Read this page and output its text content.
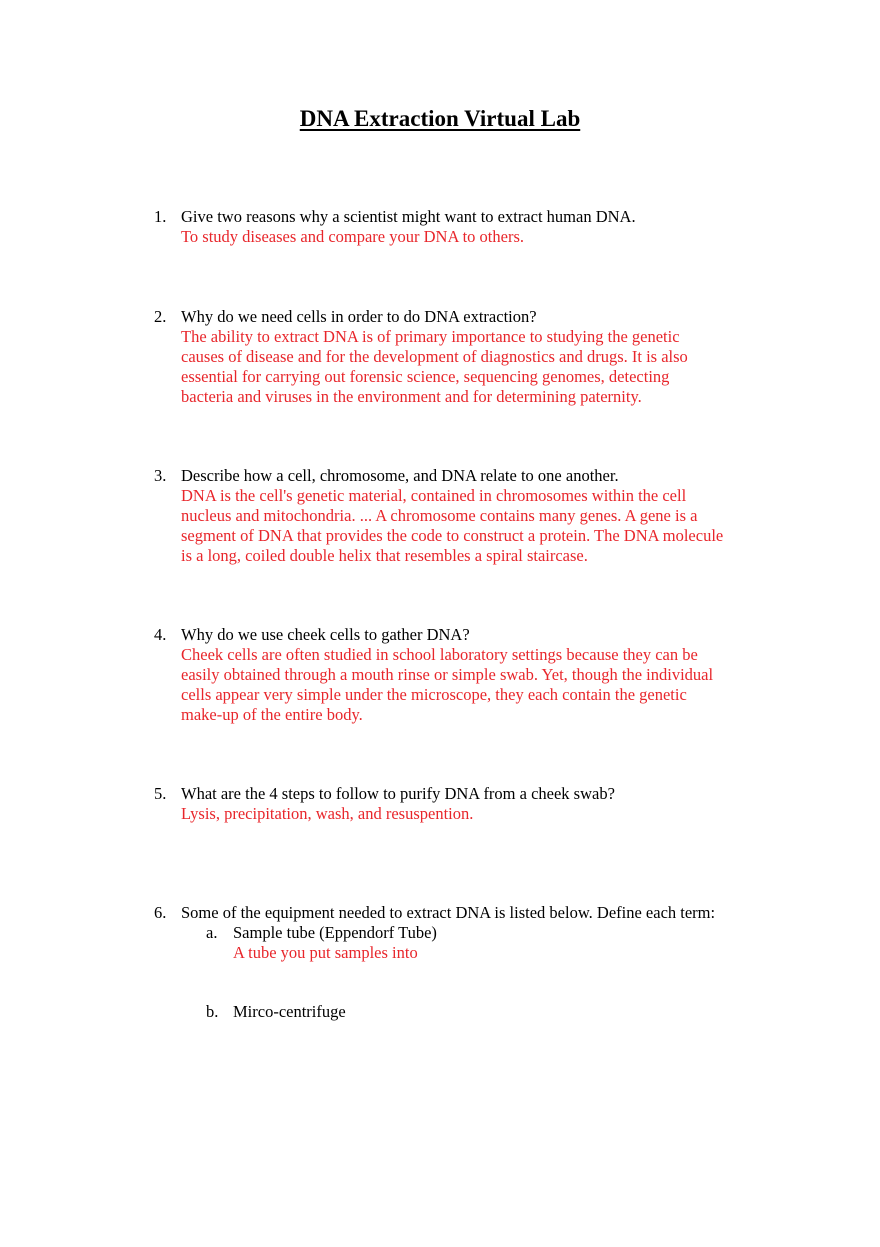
DNA Extraction Virtual Lab
1. Give two reasons why a scientist might want to extract human DNA.
To study diseases and compare your DNA to others.
2. Why do we need cells in order to do DNA extraction?
The ability to extract DNA is of primary importance to studying the genetic
causes of disease and for the development of diagnostics and drugs. It is also
essential for carrying out forensic science, sequencing genomes, detecting
bacteria and viruses in the environment and for determining paternity.
3. Describe how a cell, chromosome, and DNA relate to one another.
DNA is the cell's genetic material, contained in chromosomes within the cell
nucleus and mitochondria. ... A chromosome contains many genes. A gene is a
segment of DNA that provides the code to construct a protein. The DNA molecule
is a long, coiled double helix that resembles a spiral staircase.
4. Why do we use cheek cells to gather DNA?
Cheek cells are often studied in school laboratory settings because they can be
easily obtained through a mouth rinse or simple swab. Yet, though the individual
cells appear very simple under the microscope, they each contain the genetic
make-up of the entire body.
5. What are the 4 steps to follow to purify DNA from a cheek swab?
Lysis, precipitation, wash, and resuspention.
6. Some of the equipment needed to extract DNA is listed below. Define each term:
a. Sample tube (Eppendorf Tube)
A tube you put samples into
b. Mirco-centrifuge
